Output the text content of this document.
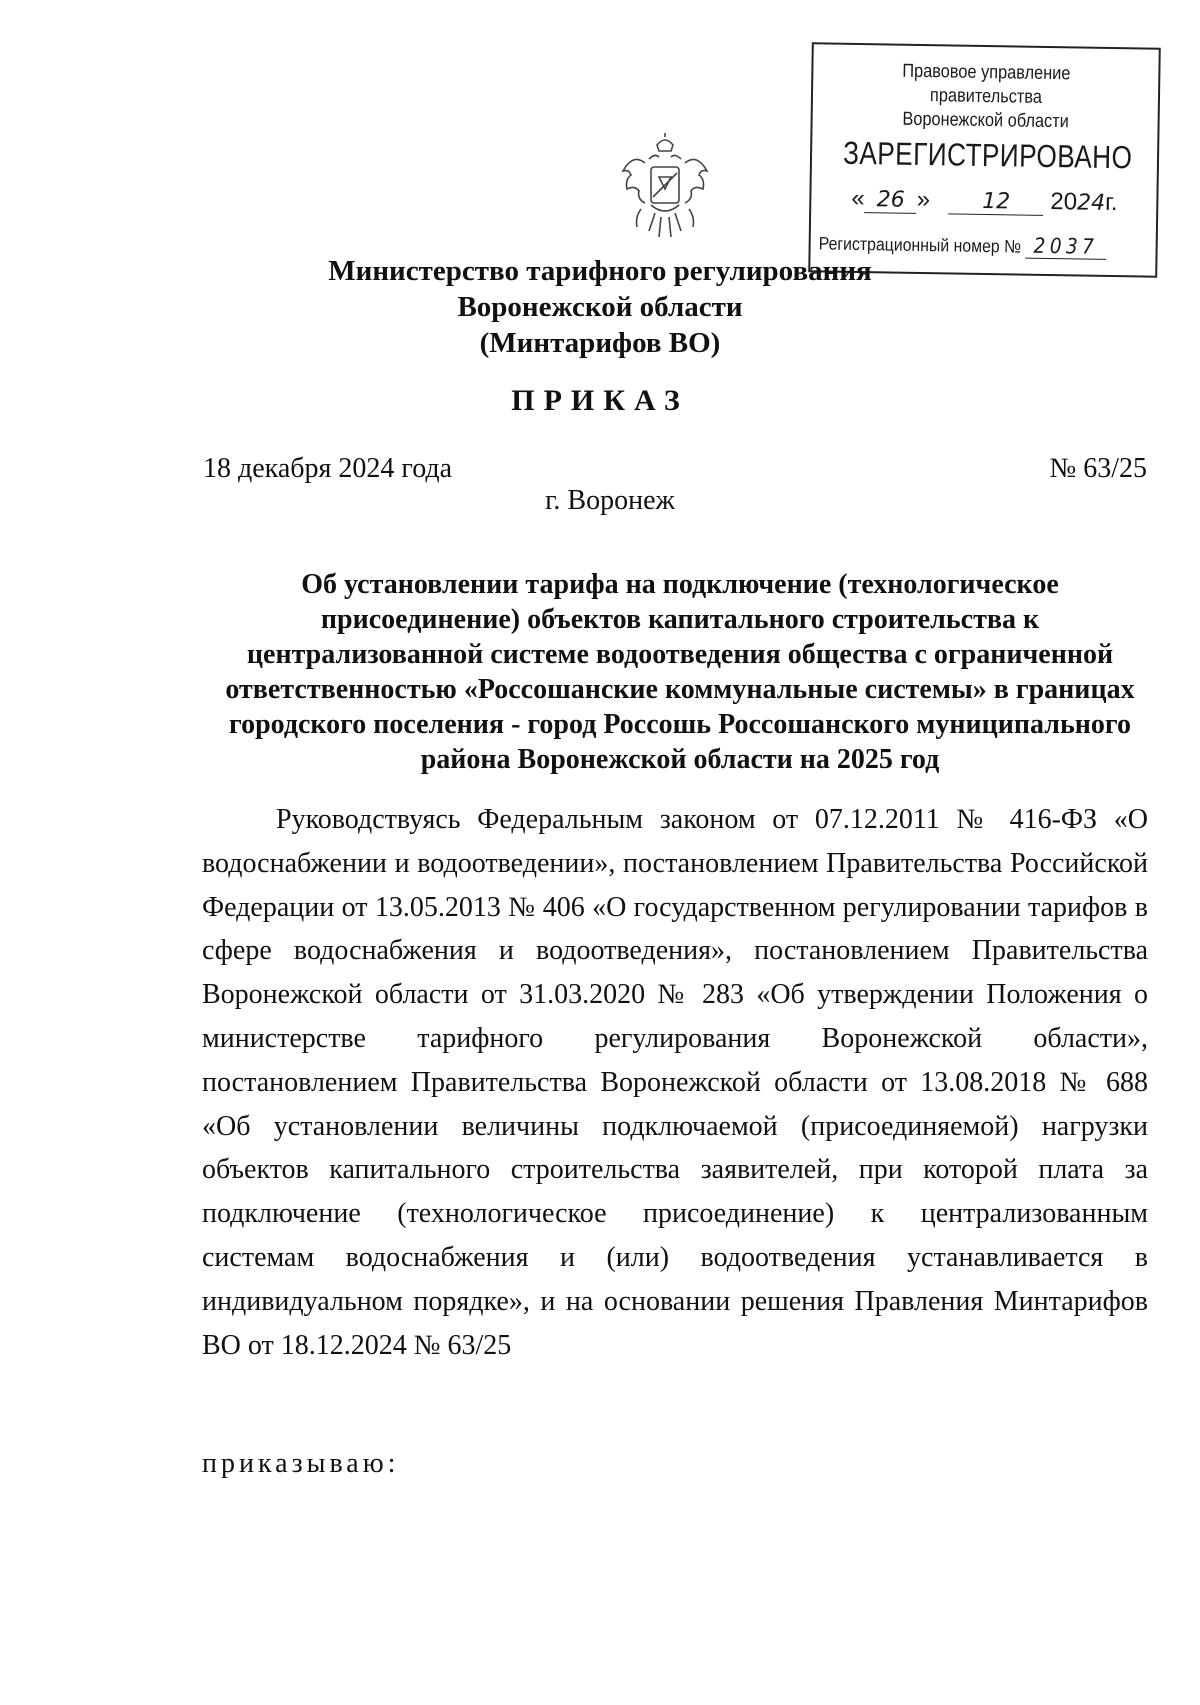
Правовое управление правительства
Воронежской области
ЗАРЕГИСТРИРОВАНО
« 26 » 12 2024г.
Регистрационный номер № 2037
Министерство тарифного регулирования
Воронежской области
(Минтарифов ВО)
ПРИКАЗ
18 декабря 2024 года	№ 63/25
г. Воронеж
Об установлении тарифа на подключение (технологическое присоединение) объектов капитального строительства к централизованной системе водоотведения общества с ограниченной ответственностью «Россошанские коммунальные системы» в границах городского поселения - город Россошь Россошанского муниципального района Воронежской области на 2025 год
Руководствуясь Федеральным законом от 07.12.2011 № 416-ФЗ «О водоснабжении и водоотведении», постановлением Правительства Российской Федерации от 13.05.2013 № 406 «О государственном регулировании тарифов в сфере водоснабжения и водоотведения», постановлением Правительства Воронежской области от 31.03.2020 № 283 «Об утверждении Положения о министерстве тарифного регулирования Воронежской области», постановлением Правительства Воронежской области от 13.08.2018 № 688 «Об установлении величины подключаемой (присоединяемой) нагрузки объектов капитального строительства заявителей, при которой плата за подключение (технологическое присоединение) к централизованным системам водоснабжения и (или) водоотведения устанавливается в индивидуальном порядке», и на основании решения Правления Минтарифов ВО от 18.12.2024 № 63/25
приказываю:
